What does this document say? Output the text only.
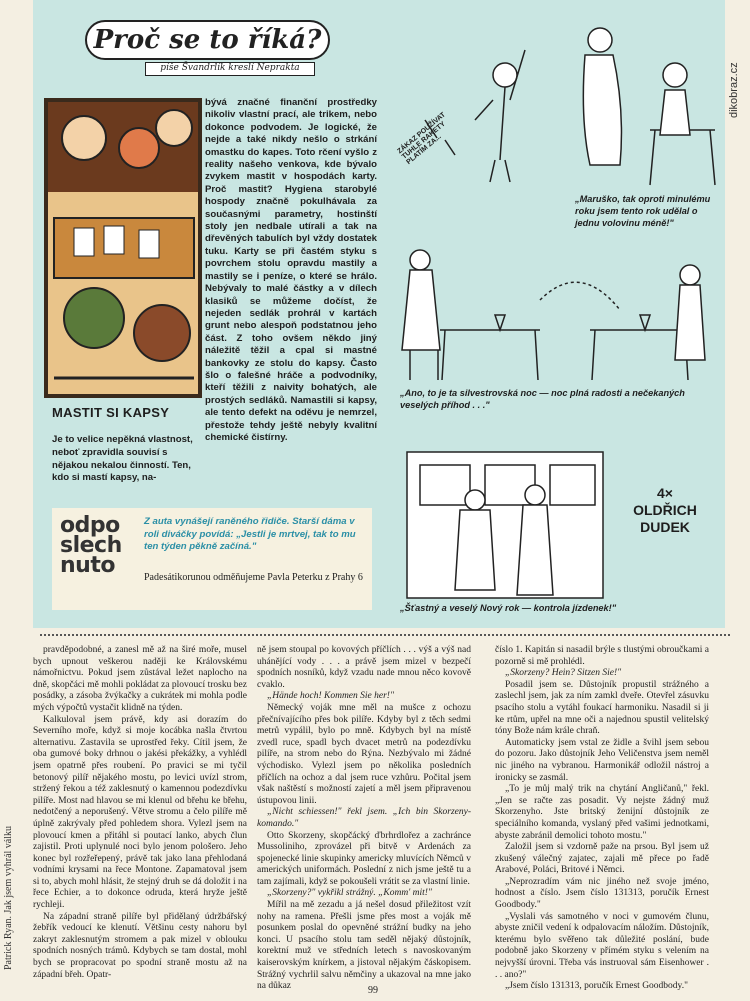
dikobraz.cz
Proč se to říká?
píše Švandrlík kreslí Neprakta
bývá značné finanční prostředky nikoliv vlastní prací, ale trikem, nebo dokonce podvodem. Je logické, že nejde a také nikdy nešlo o strkání omastku do kapes. Toto rčení vyšlo z reality našeho venkova, kde bývalo zvykem mastit v hospodách karty. Proč mastit? Hygiena starobylé hospody značně pokulhávala za současnými parametry, hostinští stoly jen nedbale utírali a tak na dřevěných tabulích byl vždy dostatek tuku. Karty se při častém styku s povrchem stolu opravdu mastily a mastily se i peníze, o které se hrálo. Nebývaly to malé částky a v dílech klasiků se můžeme dočíst, že nejeden sedlák prohrál v kartách grunt nebo alespoň podstatnou jeho část. Z toho ovšem někdo jiný náležitě těžil a cpal si mastné bankovky ze stolu do kapsy. Často šlo o falešné hráče a podvodníky, kteří těžili z naivity bohatých, ale prostých sedláků. Namastili si kapsy, ale tento defekt na oděvu je nemrzel, přestože tehdy ještě nebyly kvalitní chemické čistírny.
MASTIT SI KAPSY
Je to velice nepěkná vlastnost, neboť zpravidla souvisí s nějakou nekalou činností. Ten, kdo si mastí kapsy, na-
odpo
slech
nuto
Z auta vynášejí raněného řidiče. Starší dáma v roli diváčky povídá: „Jestli je mrtvej, tak to mu ten týden pěkně začíná."
Padesátikorunou odměňujeme Pavla Peterku z Prahy 6
ZÁKAZ POUŽÍVAT TUHLE RAKETY PLATÍM ZA...
„Maruško, tak oproti minulému roku jsem tento rok udělal o jednu volovinu méně!"
„Ano, to je ta silvestrovská noc — noc plná radosti a nečekaných veselých příhod . . ."
4×
OLDŘICH
DUDEK
„Šťastný a veselý Nový rok — kontrola jízdenek!"
Patrick Ryan. Jak jsem vyhrál válku

pravděpodobné, a zanesl mě až na širé moře, musel bych upnout veškerou naději ke Královskému námořnictvu. Pokud jsem zůstával ležet naplocho na dně, skopčáci mě mohli pokládat za plovoucí trosku bez posádky, a zásoba žvýkačky a cukrátek mi mohla podle mých výpočtů vystačit klidně na týden.

Kalkuloval jsem právě, kdy asi dorazím do Severního moře, když si moje kocábka našla čtvrtou alternativu. Zastavila se uprostřed řeky. Cítil jsem, že oba gumové boky drhnou o jakési překážky, a vyhlédl jsem opatrně přes roubení. Po pravici se mi tyčil betonový pilíř nějakého mostu, po levici uvízl strom, stržený řekou a též zaklesnutý o kamennou podezdívku pilíře. Most nad hlavou se mi klenul od břehu ke břehu, nedotčený a neporušený. Větve stromu a čelo pilíře mě úplně zakrývaly před pohledem shora. Vylezl jsem na plovoucí kmen a přitáhl si poutací lanko, abych člun zajistil. Proti uplynulé noci bylo jenom pološero. Jeho konec byl rozřeřepený, právě tak jako lana přehlodaná vodními krysami na řece Montone. Zapamatoval jsem si to, abych mohl hlásit, že stejný druh se dá doložit i na řece Echier, a to dokonce odruda, která hryže ještě rychleji.

Na západní straně pilíře byl přidělaný údržbářský žebřík vedoucí ke klenutí. Většinu cesty nahoru byl zakryt zaklesnutým stromem a pak mizel v oblouku spodních nosných trámů. Kdybych se tam dostal, mohl bych se propracovat po spodní straně mostu až na západní břeh. Opatr-

ně jsem stoupal po kovových příčlích . . . výš a výš nad uhánějící vody . . . a právě jsem mizel v bezpečí spodních nosníků, když vzadu nade mnou něco kovově cvaklo.

„Hände hoch! Kommen Sie her!"

Německý voják mne měl na mušce z ochozu přečnívajícího přes bok pilíře. Kdyby byl z těch sedmi metrů vypálil, bylo po mně. Kdybych byl na místě zvedl ruce, spadl bych dvacet metrů na podezdívku pilíře, na strom nebo do Rýna. Nezbývalo mi žádné východisko. Vylezl jsem po několika posledních příčlích na ochoz a dal jsem ruce vzhůru. Počital jsem však naštěstí s možností zajetí a měl jsem připravenou ústupovou linii.

„Nicht schiessen!" řekl jsem. „Ich bin Skorzeny-komando."

Otto Skorzeny, skopčácký ďbrhrdlořez a zachránce Mussoliniho, zprovázel při bitvě v Ardenách za spojenecké linie skupinky americky mluvících Němců v amerických uniformách. Poslední z nich jsme ještě tu a tam zajímali, když se pokoušeli vrátit se za vlastní linie.

„Skorzeny?" vykřikl strážný. „Komm' mit!"

Mířil na mě zezadu a já nešel dosud přiležitost vzít nohy na ramena. Přešli jsme přes most a voják mě posunkem poslal do opevněné strážní budky na jeho konci. U psacího stolu tam seděl nějaký důstojník, korektní muž ve středních letech s navoskovaným kaiserovským knírkem, a jistoval nějakým čáskopisem. Strážný vychrlil salvu němčiny a ukazoval na mne jako na důkaz

číslo 1. Kapitán si nasadil brýle s tlustými obroučkami a pozorně si mě prohlédl.

„Skorzeny? Hein? Sitzen Sie!"

Posadil jsem se. Důstojník propustil strážného a zaslechl jsem, jak za ním zamkl dveře. Otevřel zásuvku psacího stolu a vytáhl foukací harmoniku. Nasadil si ji ke rtům, upřel na mne oči a najednou spustil velitelský tóny Bože nám krále chraň.

Automaticky jsem vstal ze židle a švihl jsem sebou do pozoru. Jako důstojník Jeho Veličenstva jsem neměl nic jiného na vybranou. Harmonikář odložil nástroj a ironicky se zasmál.

„To je můj malý trik na chytání Angličanů," řekl. „Jen se račte zas posadit. Vy nejste žádný muž Skorzenyho. Jste britský ženijní důstojník ze speciálního komanda, vyslaný před vašimi jednotkami, abyste zabránil demolici tohoto mostu."

Založil jsem si vzdorně paže na prsou. Byl jsem už zkušený válečný zajatec, zajali mě přece po řadě Arabové, Poláci, Britové i Němci.

„Neprozradím vám nic jiného než svoje jméno, hodnost a číslo. Jsem číslo 131313, poručík Ernest Goodbody."

„Vyslali vás samotného v noci v gumovém člunu, abyste zničil vedení k odpalovacím náložím. Důstojník, kterému bylo svěřeno tak důležité poslání, bude podobně jako Skorzeny v přímém styku s velením na nejvyšší úrovni. Třeba vás instruoval sám Eisenhower . . . ano?"

„Jsem číslo 131313, poručík Ernest Goodbody."

99
